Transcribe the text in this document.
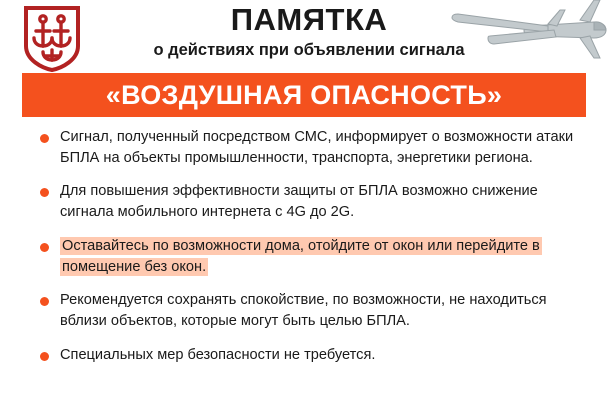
ПАМЯТКА
о действиях при объявлении сигнала
«ВОЗДУШНАЯ ОПАСНОСТЬ»
Сигнал, полученный посредством СМС, информирует о возможности атаки БПЛА на объекты промышленности, транспорта, энергетики региона.
Для повышения эффективности защиты от БПЛА возможно снижение сигнала мобильного интернета с 4G до 2G.
Оставайтесь по возможности дома, отойдите от окон или перейдите в помещение без окон.
Рекомендуется сохранять спокойствие, по возможности, не находиться вблизи объектов, которые могут быть целью БПЛА.
Специальных мер безопасности не требуется.
